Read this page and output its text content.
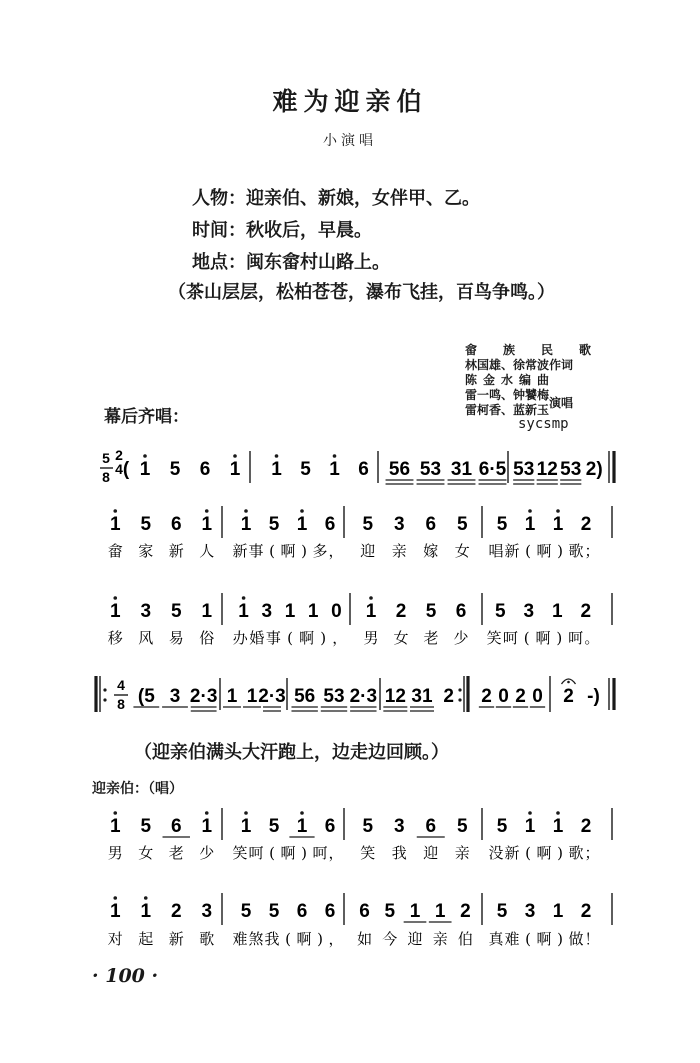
难为迎亲伯
小演唱
人物：迎亲伯、新娘，女伴甲、乙。
时间：秋收后，早晨。
地点：闽东畲村山路上。
（茶山层层，松柏苍苍，瀑布飞挂，百鸟争鸣。）
畲族民歌
林国雄、徐常波作词
陈金水编曲
雷一鸣、钟饕梅
雷柯香、蓝新玉演唱
sycsmp
幕后齐唱：
（迎亲伯满头大汗跑上，边走边回顾。）
迎亲伯：（唱）
· 100 ·
1 5 6 1 1 5 1 6 56 53 31 6·5 53 12 53 2)
1 5 6 1 1 5 1 6 5 3 6 5 5 1 1 2
畲 家 新 人 新 事 ( 啊 ) 多 ， 迎 亲 嫁 女 唱 新 ( 啊 ) 歌 ；
1 3 5 1 1 3 1 1 0 1 2 5 6 5 3 1 2
移 风 易 俗 办 婚 事 ( 啊 ) ， 男 女 老 少 笑 呵 ( 啊 ) 呵 。
(5 3 2·3 1 1 2·3 56 53 2·3 12 31 2 2 0 2 0 2 -)
1 5 6 1 1 5 1 6 5 3 6 5 5 1 1 2
男 女 老 少 笑 呵 ( 啊 ) 呵 ， 笑 我 迎 亲 没 新 ( 啊 ) 歌 ；
1 1 2 3 5 5 6 6 6 5 1 1 2 5 3 1 2
对 起 新 歌 难 煞 我 ( 啊 ) ， 如 今 迎 亲 伯 真 难 ( 啊 ) 做 ！
5
8
2
4 (
4
8
